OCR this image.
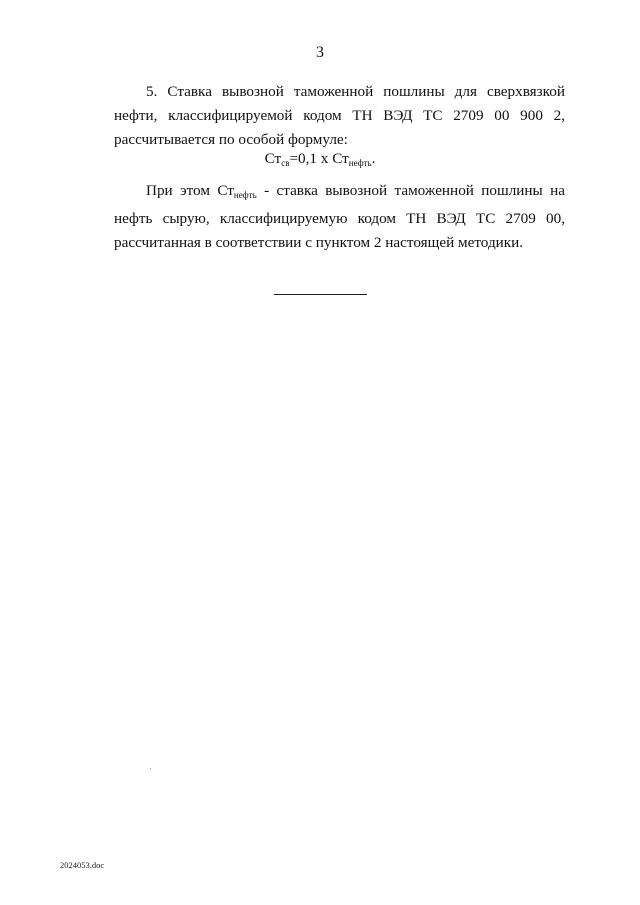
3

5. Ставка вывозной таможенной пошлины для сверхвязкой нефти, классифицируемой кодом ТН ВЭД ТС 2709 00 900 2, рассчитывается по особой формуле:

$Ст_{св}=0,1$ х $Ст_{нефть}$.

При этом $Ст_{нефть}$ - ставка вывозной таможенной пошлины на нефть сырую, классифицируемую кодом ТН ВЭД ТС 2709 00, рассчитанная в соответствии с пунктом 2 настоящей методики.

2024053.doc
